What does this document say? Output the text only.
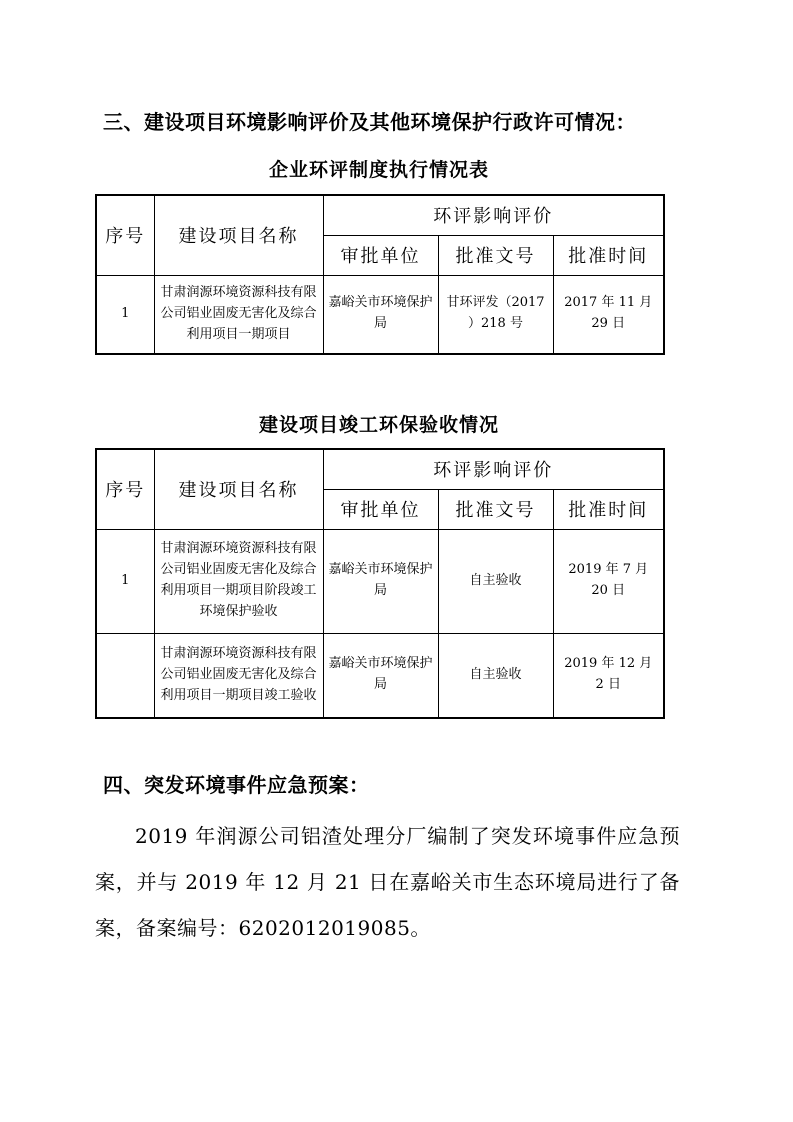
三、建设项目环境影响评价及其他环境保护行政许可情况：
企业环评制度执行情况表
序号	建设项目名称	环评影响评价		
		审批单位	批准文号	批准时间
1	甘肃润源环境资源科技有限公司铝业固废无害化及综合利用项目一期项目	嘉峪关市环境保护局	甘环评发（2017 ）218 号	2017 年 11 月 29 日
建设项目竣工环保验收情况
序号	建设项目名称	环评影响评价		
		审批单位	批准文号	批准时间
1	甘肃润源环境资源科技有限公司铝业固废无害化及综合利用项目一期项目阶段竣工环境保护验收	嘉峪关市环境保护局	自主验收	2019 年 7 月 20 日
	甘肃润源环境资源科技有限公司铝业固废无害化及综合利用项目一期项目竣工验收	嘉峪关市环境保护局	自主验收	2019 年 12 月 2 日
四、突发环境事件应急预案：

2019 年润源公司铝渣处理分厂编制了突发环境事件应急预案，并与 2019 年 12 月 21 日在嘉峪关市生态环境局进行了备案，备案编号：6202012019085。
